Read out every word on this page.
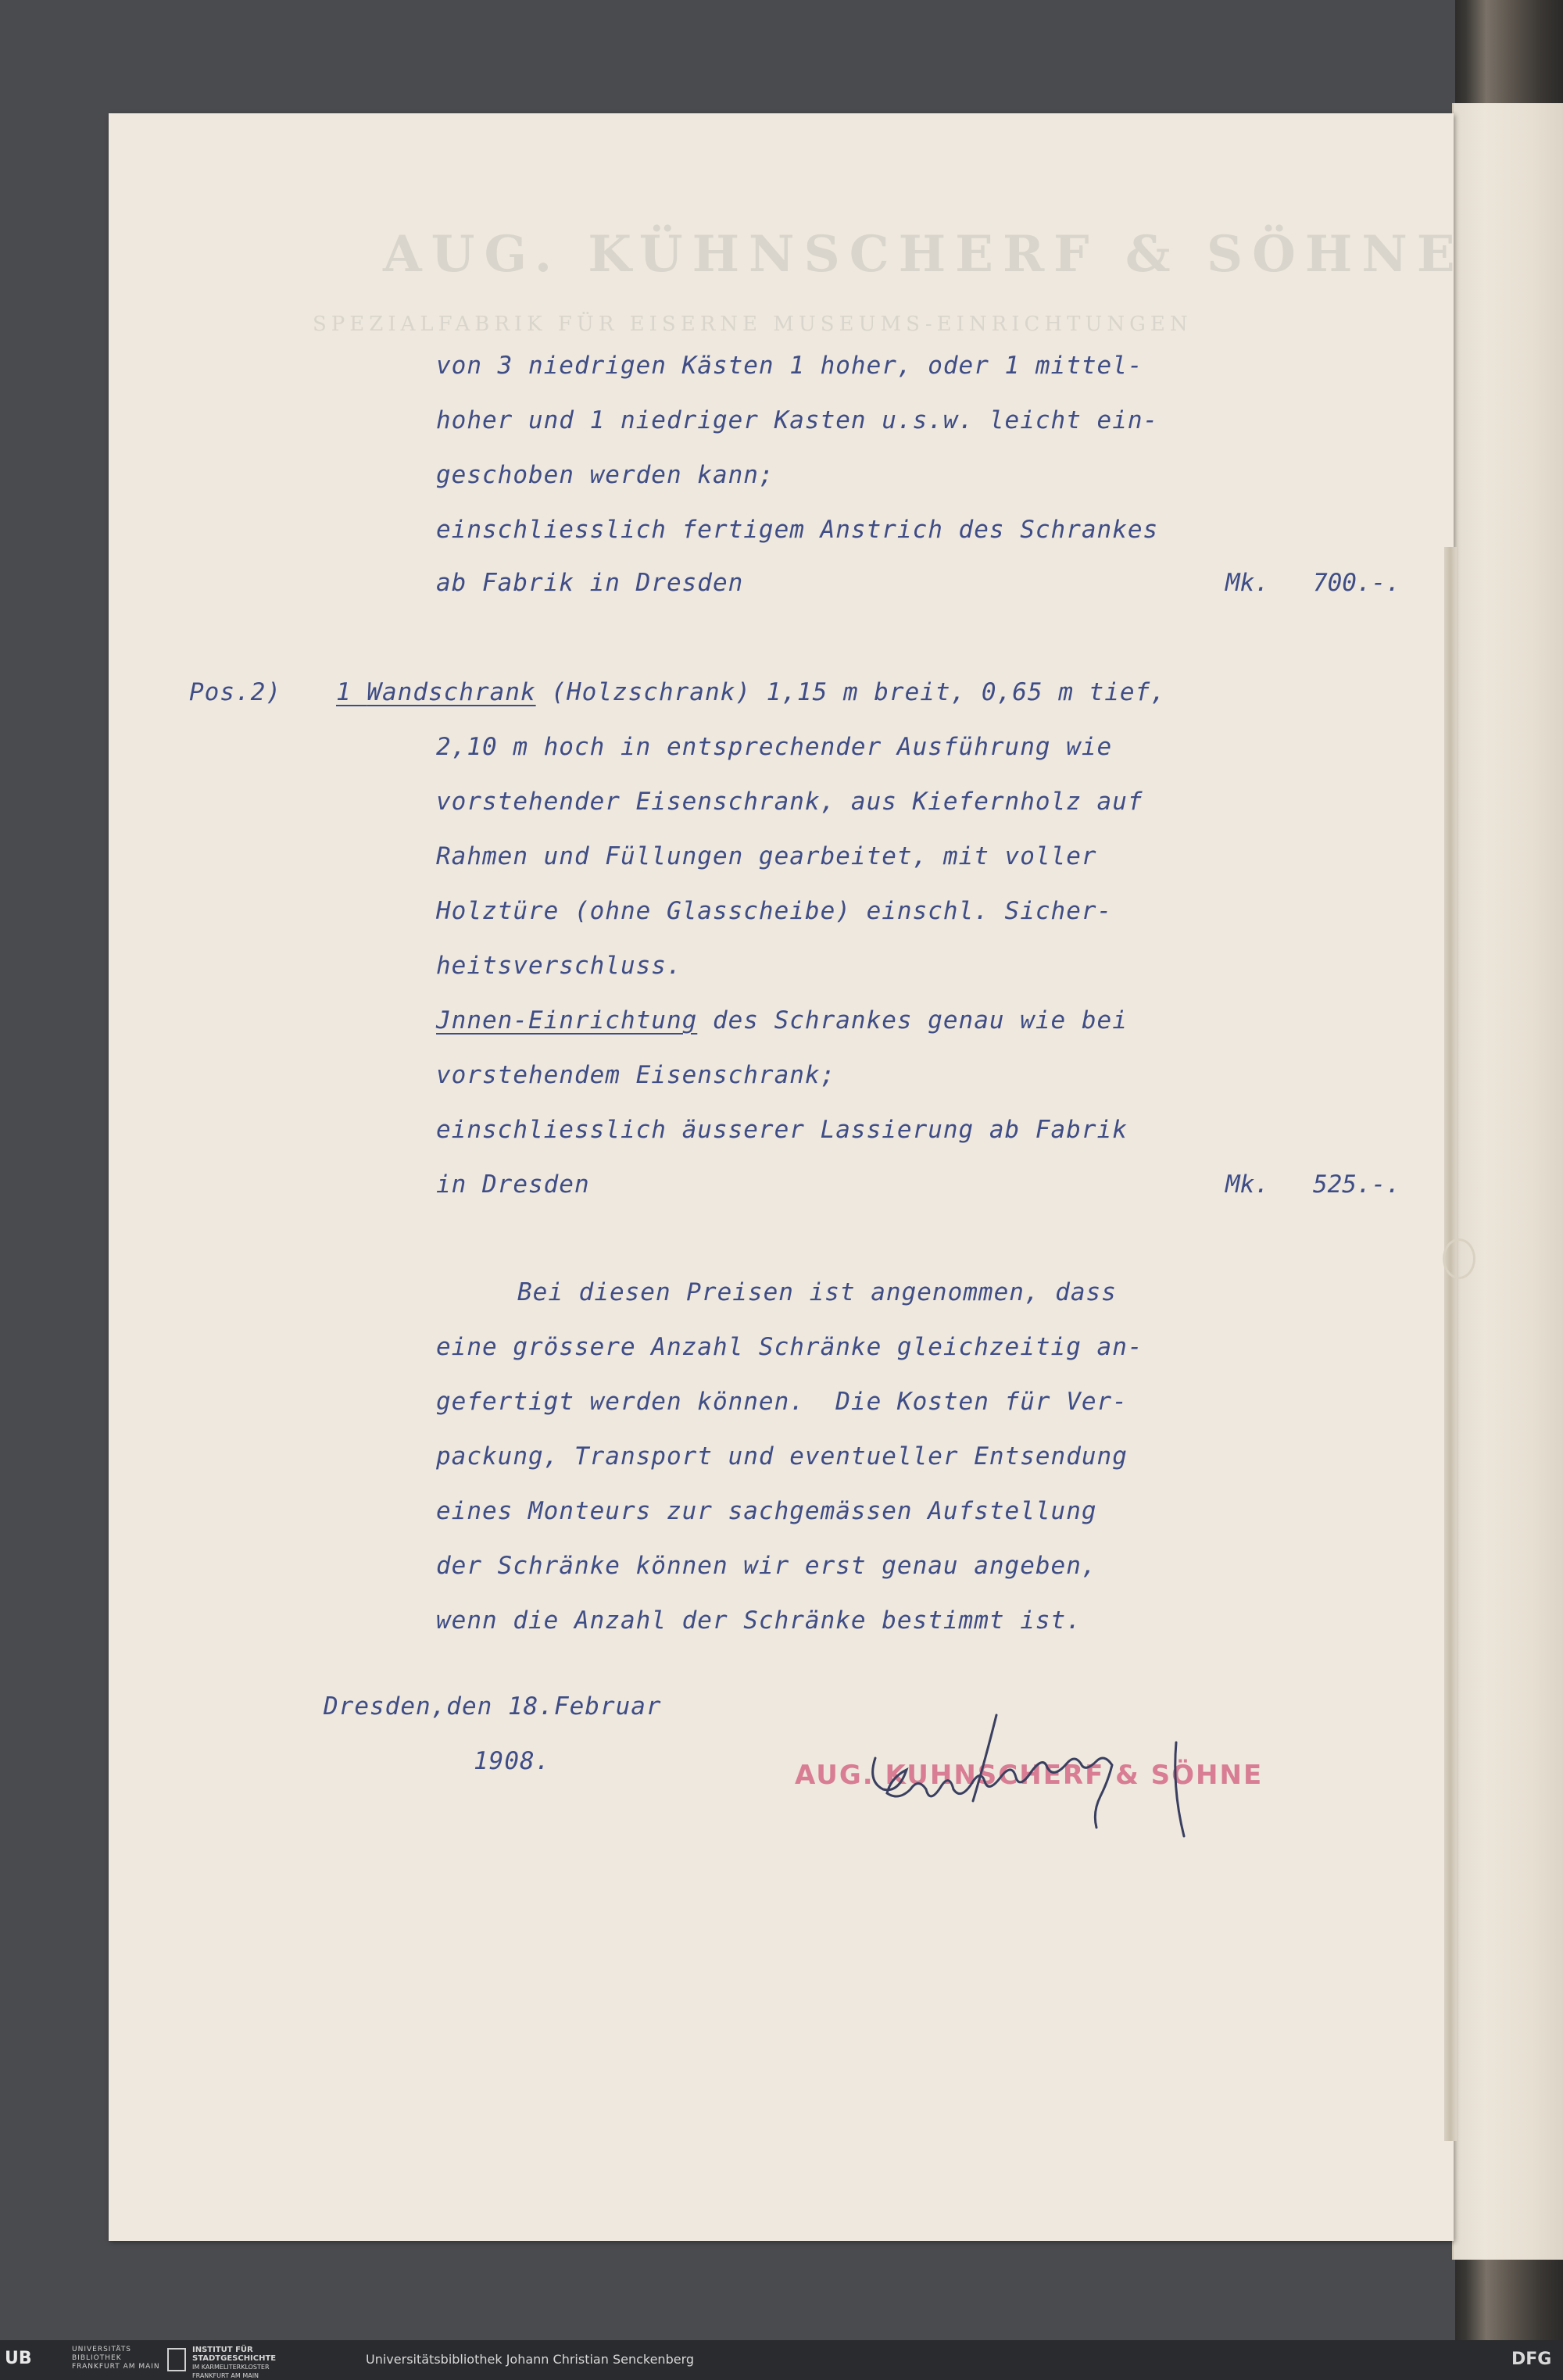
AUG. KÜHNSCHERF & SÖHNE
SPEZIALFABRIK FÜR EISERNE MUSEUMS-EINRICHTUNGEN
von 3 niedrigen Kästen 1 hoher, oder 1 mittel-
hoher und 1 niedriger Kasten u.s.w. leicht ein-
geschoben werden kann;
einschliesslich fertigem Anstrich des Schrankes
ab Fabrik in Dresden	Mk.   700.-.
Pos.2) 1 Wandschrank (Holzschrank) 1,15 m breit, 0,65 m tief,
2,10 m hoch in entsprechender Ausführung wie
vorstehender Eisenschrank, aus Kiefernholz auf
Rahmen und Füllungen gearbeitet, mit voller
Holztüre (ohne Glasscheibe) einschl. Sicher-
heitsverschluss.
Jnnen-Einrichtung des Schrankes genau wie bei
vorstehendem Eisenschrank;
einschliesslich äusserer Lassierung ab Fabrik
in Dresden	Mk.   525.-.
Bei diesen Preisen ist angenommen, dass
eine grössere Anzahl Schränke gleichzeitig an-
gefertigt werden können.  Die Kosten für Ver-
packung, Transport und eventueller Entsendung
eines Monteurs zur sachgemässen Aufstellung
der Schränke können wir erst genau angeben,
wenn die Anzahl der Schränke bestimmt ist.
Dresden,den 18.Februar
1908.	AUG. KUHNSCHERF & SÖHNE
UB	UNIVERSITÄTS
BIBLIOTHEK
FRANKFURT AM MAIN
INSTITUT FÜR
STADTGESCHICHTE
IM KARMELITERKLOSTER
FRANKFURT AM MAIN
Universitätsbibliothek Johann Christian Senckenberg	DFG
